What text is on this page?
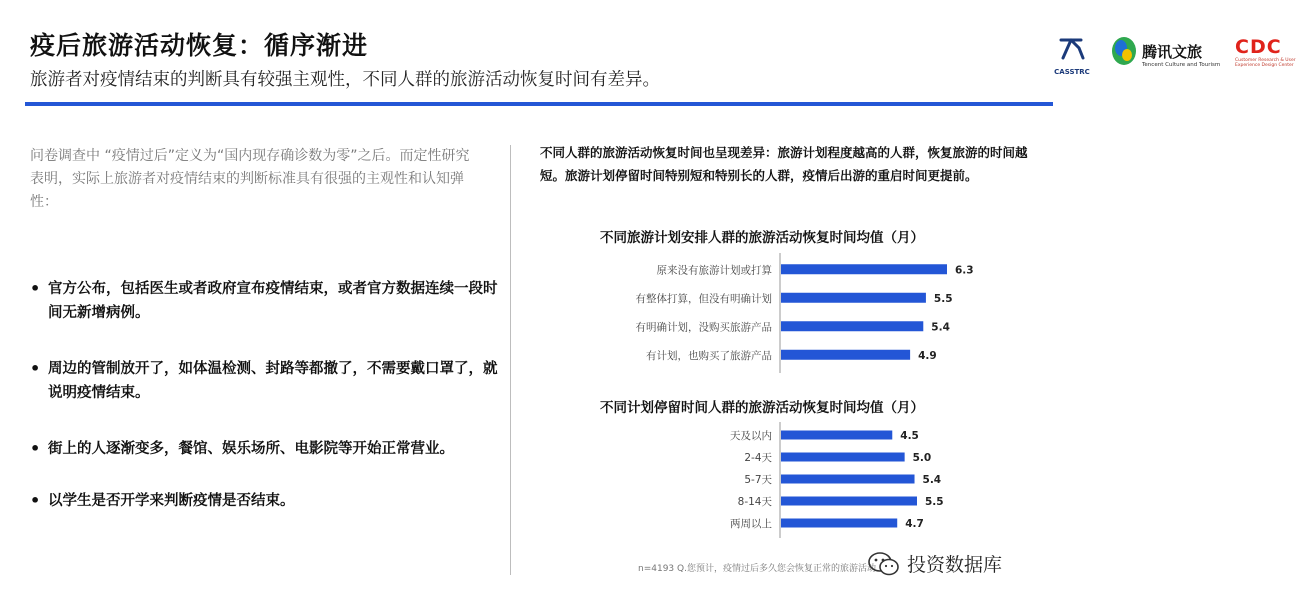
疫后旅游活动恢复：循序渐进
旅游者对疫情结束的判断具有较强主观性，不同人群的旅游活动恢复时间有差异。	CASSTRC
腾讯文旅
Tencent Culture and Tourism
CDC
Customer Research & User Experience Design Center
问卷调查中 “疫情过后”定义为“国内现存确诊数为零”之后。而定性研究表明，实际上旅游者对疫情结束的判断标准具有很强的主观性和认知弹性：
• 官方公布，包括医生或者政府宣布疫情结束，或者官方数据连续一段时间无新增病例。
• 周边的管制放开了，如体温检测、封路等都撤了，不需要戴口罩了，就说明疫情结束。
• 街上的人逐渐变多，餐馆、娱乐场所、电影院等开始正常营业。
• 以学生是否开学来判断疫情是否结束。
不同人群的旅游活动恢复时间也呈现差异：旅游计划程度越高的人群，恢复旅游的时间越短。旅游计划停留时间特别短和特别长的人群，疫情后出游的重启时间更提前。
不同旅游计划安排人群的旅游活动恢复时间均值（月）
原来没有旅游计划或打算	6.3
有整体打算，但没有明确计划	5.5
有明确计划，没购买旅游产品	5.4
有计划，也购买了旅游产品	4.9
不同计划停留时间人群的旅游活动恢复时间均值（月）
天及以内	4.5
2-4天	5.0
5-7天	5.4
8-14天	5.5
两周以上	4.7
n=4193 Q.您预计，疫情过后多久您会恢复正常的旅游活动 投资数据库
